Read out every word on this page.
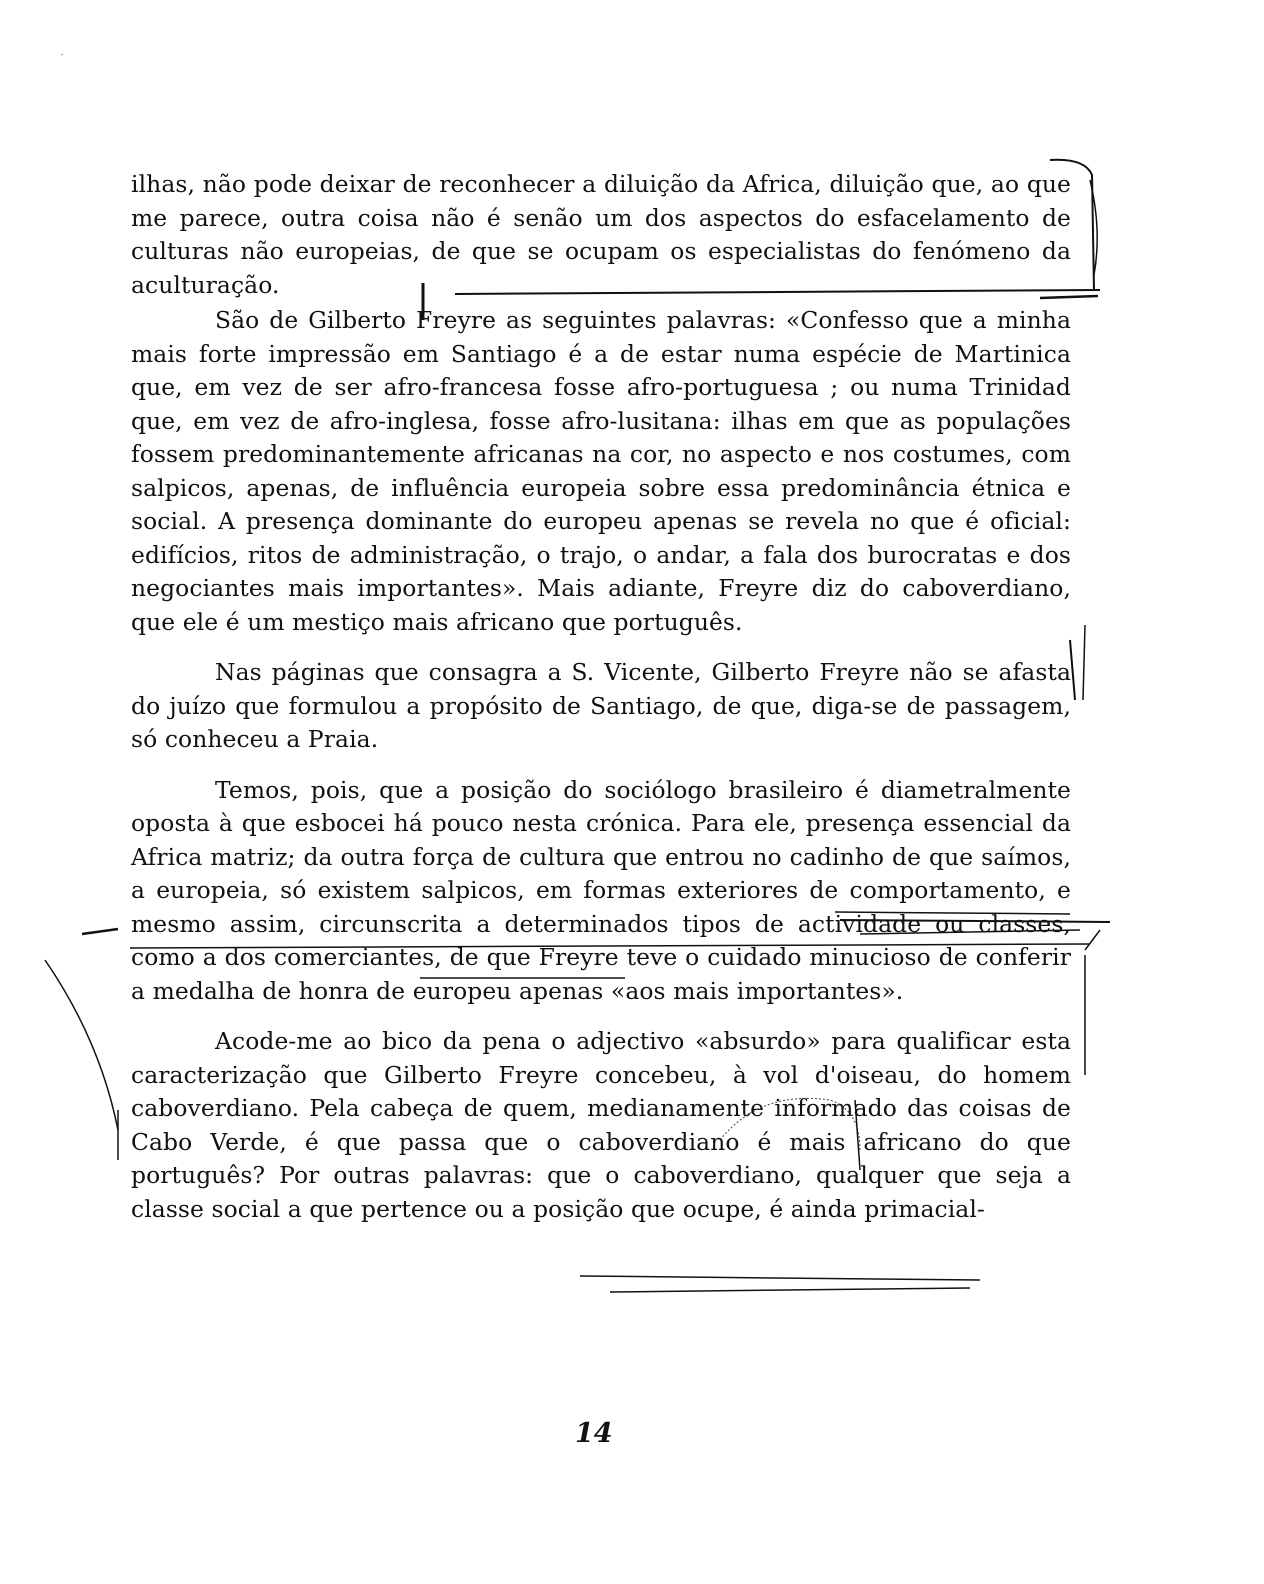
·

ilhas, não pode deixar de reconhecer a diluição da Africa, diluição que, ao que me parece, outra coisa não é senão um dos aspectos do esfacelamento de culturas não europeias, de que se ocupam os especialistas do fenómeno da aculturação.

São de Gilberto Freyre as seguintes palavras: «Confesso que a minha mais forte impressão em Santiago é a de estar numa espécie de Martinica que, em vez de ser afro-francesa fosse afro-portuguesa ; ou numa Trinidad que, em vez de afro-inglesa, fosse afro-lusitana: ilhas em que as populações fossem predominantemente africanas na cor, no aspecto e nos costumes, com salpicos, apenas, de influência europeia sobre essa predominância étnica e social. A presença dominante do europeu apenas se revela no que é oficial: edifícios, ritos de administração, o trajo, o andar, a fala dos burocratas e dos negociantes mais importantes». Mais adiante, Freyre diz do caboverdiano, que ele é um mestiço mais africano que português.

Nas páginas que consagra a S. Vicente, Gilberto Freyre não se afasta do juízo que formulou a propósito de Santiago, de que, diga-se de passagem, só conheceu a Praia.

Temos, pois, que a posição do sociólogo brasileiro é diametralmente oposta à que esbocei há pouco nesta crónica. Para ele, presença essencial da Africa matriz; da outra força de cultura que entrou no cadinho de que saímos, a europeia, só existem salpicos, em formas exteriores de comportamento, e mesmo assim, circunscrita a determinados tipos de actividade ou classes, como a dos comerciantes, de que Freyre teve o cuidado minucioso de conferir a medalha de honra de europeu apenas «aos mais importantes».

Acode-me ao bico da pena o adjectivo «absurdo» para qualificar esta caracterização que Gilberto Freyre concebeu, à vol d'oiseau, do homem caboverdiano. Pela cabeça de quem, medianamente informado das coisas de Cabo Verde, é que passa que o caboverdiano é mais africano do que português? Por outras palavras: que o caboverdiano, qualquer que seja a classe social a que pertence ou a posição que ocupe, é ainda primacial-

14
